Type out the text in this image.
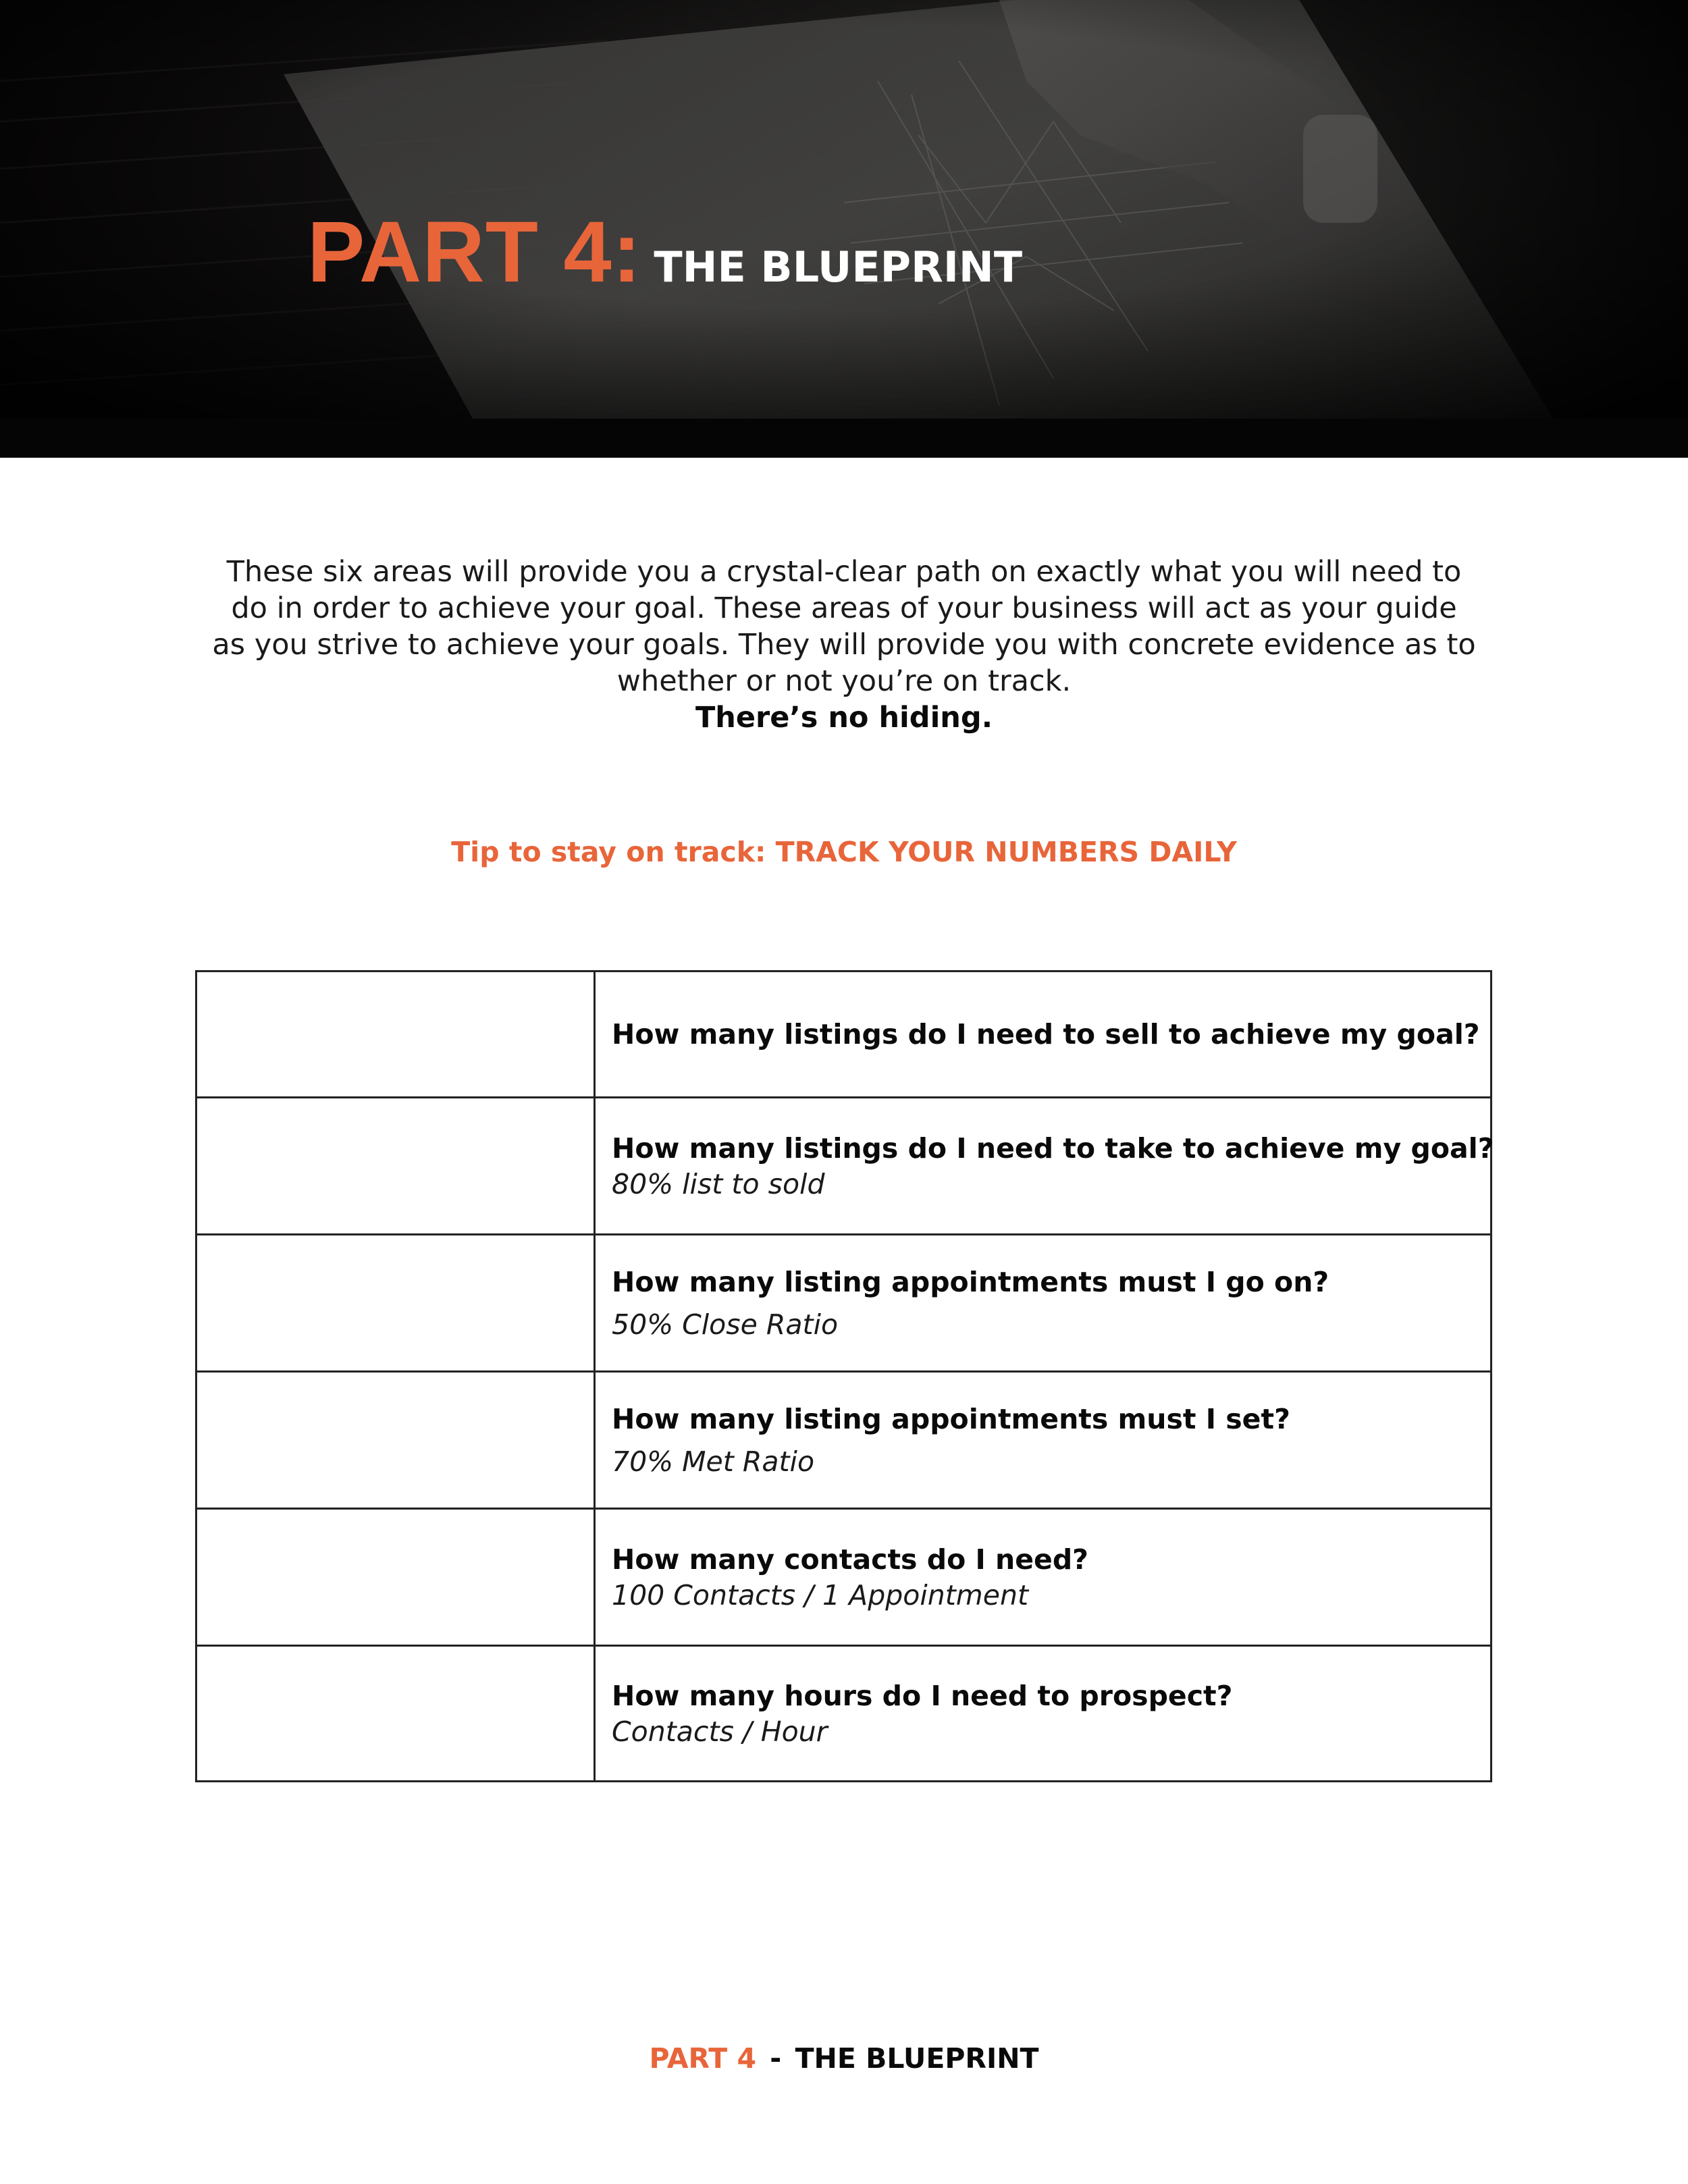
PART 4: THE BLUEPRINT
These six areas will provide you a crystal-clear path on exactly what you will need to
do in order to achieve your goal. These areas of your business will act as your guide
as you strive to achieve your goals. They will provide you with concrete evidence as to
whether or not you’re on track.
There’s no hiding.
Tip to stay on track: TRACK YOUR NUMBERS DAILY

	How many listings do I need to sell to achieve my goal?

	How many listings do I need to take to achieve my goal?
80% list to sold

	How many listing appointments must I go on?
50% Close Ratio

	How many listing appointments must I set?
70% Met Ratio

	How many contacts do I need?
100 Contacts / 1 Appointment

	How many hours do I need to prospect?
Contacts / Hour
PART 4 - THE BLUEPRINT
